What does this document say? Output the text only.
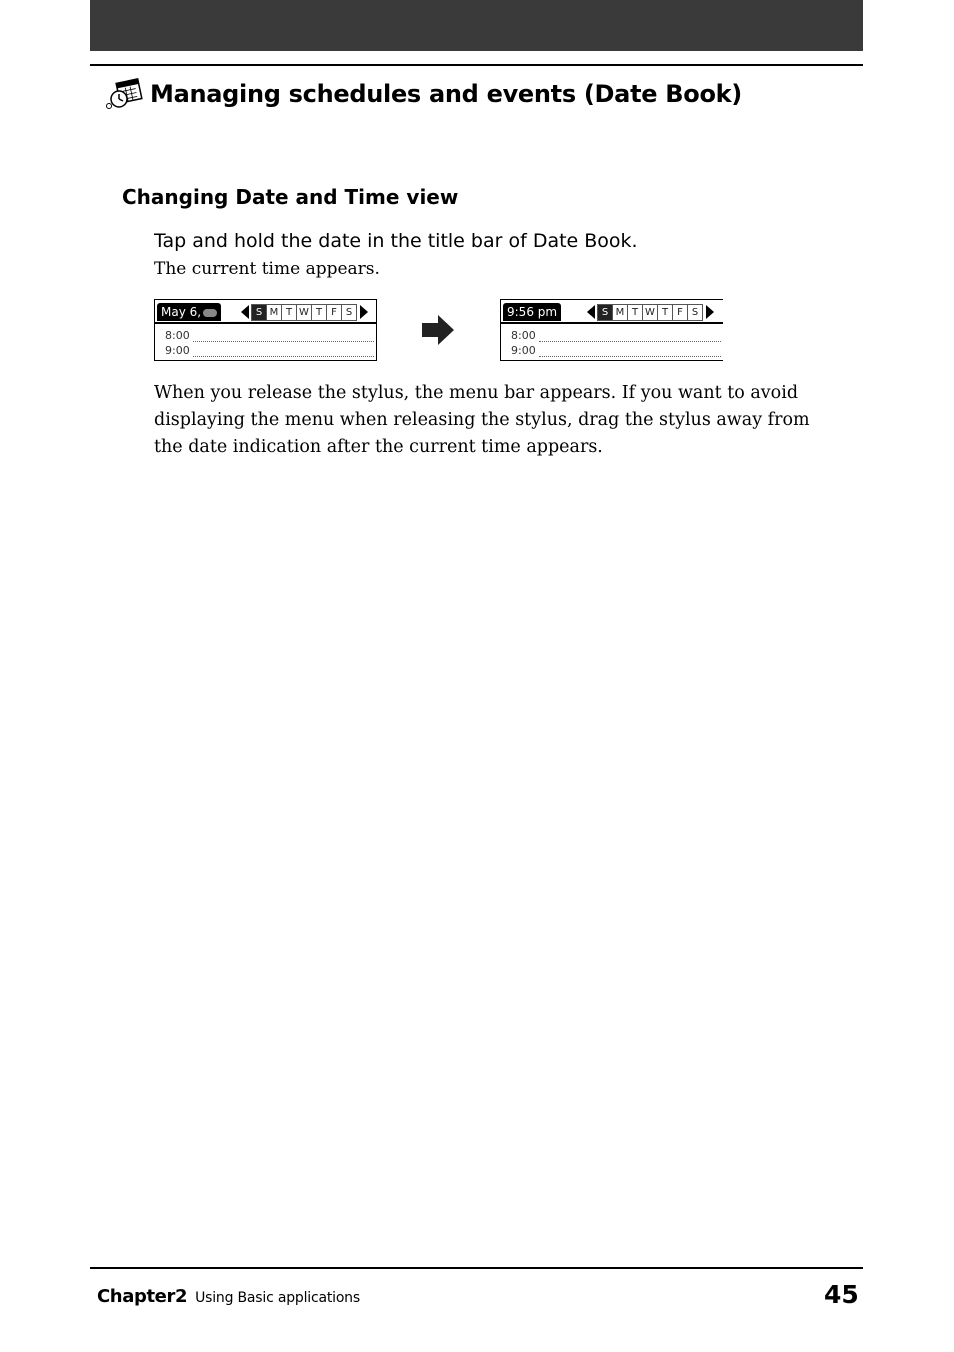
Managing schedules and events (Date Book)
Changing Date and Time view
Tap and hold the date in the title bar of Date Book.
The current time appears.
May 6,	S M T W T F S
8:00
9:00
9:56 pm	S M T W T F S
8:00
9:00

When you release the stylus, the menu bar appears. If you want to avoid

displaying the menu when releasing the stylus, drag the stylus away from

the date indication after the current time appears.

Chapter2 Using Basic applications	45
